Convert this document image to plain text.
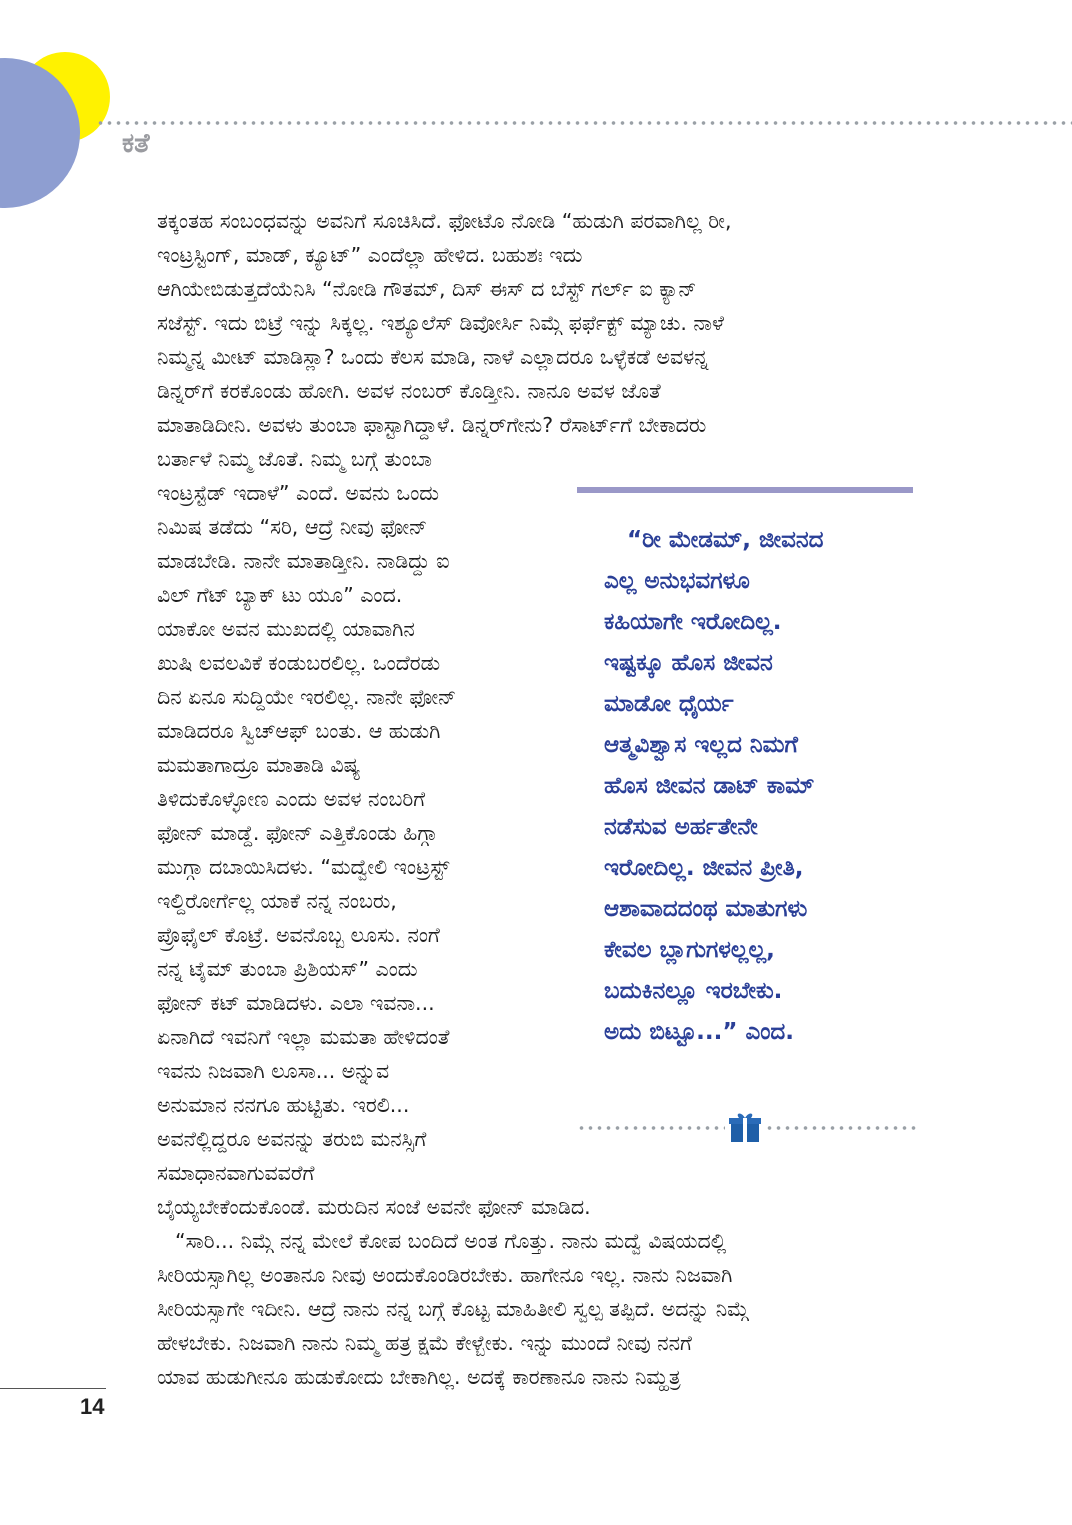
ಕತೆ
ತಕ್ಕಂತಹ ಸಂಬಂಧವನ್ನು ಅವನಿಗೆ ಸೂಚಿಸಿದೆ. ಫೋಟೊ ನೋಡಿ “ಹುಡುಗಿ ಪರವಾಗಿಲ್ಲ ರೀ,
ಇಂಟ್ರಸ್ಟಿಂಗ್, ಮಾಡ್, ಕ್ಯೂಟ್” ಎಂದೆಲ್ಲಾ ಹೇಳಿದ. ಬಹುಶಃ ಇದು
ಆಗಿಯೇಬಿಡುತ್ತದೆಯೆನಿಸಿ “ನೋಡಿ ಗೌತಮ್, ದಿಸ್ ಈಸ್ ದ ಬೆಸ್ಟ್ ಗರ್ಲ್ ಐ ಕ್ಯಾನ್
ಸಜೆಸ್ಟ್. ಇದು ಬಿಟ್ರೆ ಇನ್ನು ಸಿಕ್ಕಲ್ಲ. ಇಶ್ಯೂಲೆಸ್ ಡಿವೋರ್ಸಿ ನಿಮ್ಗೆ ಫರ್ಫೆಕ್ಟ್ ಮ್ಯಾಚು. ನಾಳೆ
ನಿಮ್ಮನ್ನ ಮೀಟ್ ಮಾಡಿಸ್ಲಾ? ಒಂದು ಕೆಲಸ ಮಾಡಿ, ನಾಳೆ ಎಲ್ಲಾದರೂ ಒಳ್ಳೆಕಡೆ ಅವಳನ್ನ
ಡಿನ್ನರ್‌ಗೆ ಕರಕೊಂಡು ಹೋಗಿ. ಅವಳ ನಂಬರ್ ಕೊಡ್ತೀನಿ. ನಾನೂ ಅವಳ ಜೊತೆ
ಮಾತಾಡಿದೀನಿ. ಅವಳು ತುಂಬಾ ಫಾಸ್ಟಾಗಿದ್ದಾಳೆ. ಡಿನ್ನರ್‌ಗೇನು? ರೆಸಾರ್ಟ್‌ಗೆ ಬೇಕಾದರು
ಬರ್ತಾಳೆ ನಿಮ್ಮ ಜೊತೆ. ನಿಮ್ಮ ಬಗ್ಗೆ ತುಂಬಾ
ಇಂಟ್ರಸ್ಟೆಡ್ ಇದಾಳೆ” ಎಂದೆ. ಅವನು ಒಂದು
ನಿಮಿಷ ತಡೆದು “ಸರಿ, ಆದ್ರೆ ನೀವು ಫೋನ್
ಮಾಡಬೇಡಿ. ನಾನೇ ಮಾತಾಡ್ತೀನಿ. ನಾಡಿದ್ದು ಐ
ವಿಲ್ ಗೆಟ್ ಬ್ಯಾಕ್ ಟು ಯೂ” ಎಂದ.
ಯಾಕೋ ಅವನ ಮುಖದಲ್ಲಿ ಯಾವಾಗಿನ
ಖುಷಿ ಲವಲವಿಕೆ ಕಂಡುಬರಲಿಲ್ಲ. ಒಂದೆರಡು
ದಿನ ಏನೂ ಸುದ್ದಿಯೇ ಇರಲಿಲ್ಲ. ನಾನೇ ಫೋನ್
ಮಾಡಿದರೂ ಸ್ವಿಚ್‌ಆಫ್ ಬಂತು. ಆ ಹುಡುಗಿ
ಮಮತಾಗಾದ್ರೂ ಮಾತಾಡಿ ವಿಷ್ಯ
ತಿಳಿದುಕೊಳ್ಳೋಣ ಎಂದು ಅವಳ ನಂಬರಿಗೆ
ಫೋನ್ ಮಾಡ್ದೆ. ಫೋನ್ ಎತ್ತಿಕೊಂಡು ಹಿಗ್ಗಾ
ಮುಗ್ಗಾ ದಬಾಯಿಸಿದಳು. “ಮದ್ವೇಲಿ ಇಂಟ್ರಸ್ಟ್
ಇಲ್ದಿರೋರ್ಗೆಲ್ಲ ಯಾಕೆ ನನ್ನ ನಂಬರು,
ಪ್ರೊಫೈಲ್ ಕೊಟ್ರೆ. ಅವನೊಬ್ಬ ಲೂಸು. ನಂಗೆ
ನನ್ನ ಟೈಮ್ ತುಂಬಾ ಪ್ರಿಶಿಯಸ್” ಎಂದು
ಫೋನ್ ಕಟ್ ಮಾಡಿದಳು. ಎಲಾ ಇವನಾ...
ಏನಾಗಿದೆ ಇವನಿಗೆ ಇಲ್ಲಾ ಮಮತಾ ಹೇಳಿದಂತೆ
ಇವನು ನಿಜವಾಗಿ ಲೂಸಾ... ಅನ್ನುವ
ಅನುಮಾನ ನನಗೂ ಹುಟ್ಟಿತು. ಇರಲಿ...
ಅವನೆಲ್ಲಿದ್ದರೂ ಅವನನ್ನು ತರುಬಿ ಮನಸ್ಸಿಗೆ
ಸಮಾಧಾನವಾಗುವವರೆಗೆ
“ರೀ ಮೇಡಮ್, ಜೀವನದ
ಎಲ್ಲ ಅನುಭವಗಳೂ
ಕಹಿಯಾಗೇ ಇರೋದಿಲ್ಲ.
ಇಷ್ಟಕ್ಕೂ ಹೊಸ ಜೀವನ
ಮಾಡೋ ಧೈರ್ಯ
ಆತ್ಮವಿಶ್ವಾಸ ಇಲ್ಲದ ನಿಮಗೆ
ಹೊಸ ಜೀವನ ಡಾಟ್ ಕಾಮ್
ನಡೆಸುವ ಅರ್ಹತೇನೇ
ಇರೋದಿಲ್ಲ. ಜೀವನ ಪ್ರೀತಿ,
ಆಶಾವಾದದಂಥ ಮಾತುಗಳು
ಕೇವಲ ಬ್ಲಾಗುಗಳಲ್ಲಲ್ಲ,
ಬದುಕಿನಲ್ಲೂ ಇರಬೇಕು.
ಅದು ಬಿಟ್ಟೂ...” ಎಂದ.
ಬೈಯ್ಯಬೇಕೆಂದುಕೊಂಡೆ. ಮರುದಿನ ಸಂಜೆ ಅವನೇ ಫೋನ್ ಮಾಡಿದ.
“ಸಾರಿ... ನಿಮ್ಗೆ ನನ್ನ ಮೇಲೆ ಕೋಪ ಬಂದಿದೆ ಅಂತ ಗೊತ್ತು. ನಾನು ಮದ್ವೆ ವಿಷಯದಲ್ಲಿ
ಸೀರಿಯಸ್ಸಾಗಿಲ್ಲ ಅಂತಾನೂ ನೀವು ಅಂದುಕೊಂಡಿರಬೇಕು. ಹಾಗೇನೂ ಇಲ್ಲ. ನಾನು ನಿಜವಾಗಿ
ಸೀರಿಯಸ್ಸಾಗೇ ಇದೀನಿ. ಆದ್ರೆ ನಾನು ನನ್ನ ಬಗ್ಗೆ ಕೊಟ್ಟ ಮಾಹಿತೀಲಿ ಸ್ವಲ್ಪ ತಪ್ಪಿದೆ. ಅದನ್ನು ನಿಮ್ಗೆ
ಹೇಳಬೇಕು. ನಿಜವಾಗಿ ನಾನು ನಿಮ್ಮ ಹತ್ರ ಕ್ಷಮೆ ಕೇಳ್ಬೇಕು. ಇನ್ನು ಮುಂದೆ ನೀವು ನನಗೆ
ಯಾವ ಹುಡುಗೀನೂ ಹುಡುಕೋದು ಬೇಕಾಗಿಲ್ಲ. ಅದಕ್ಕೆ ಕಾರಣಾನೂ ನಾನು ನಿಮ್ಹತ್ರ
14
